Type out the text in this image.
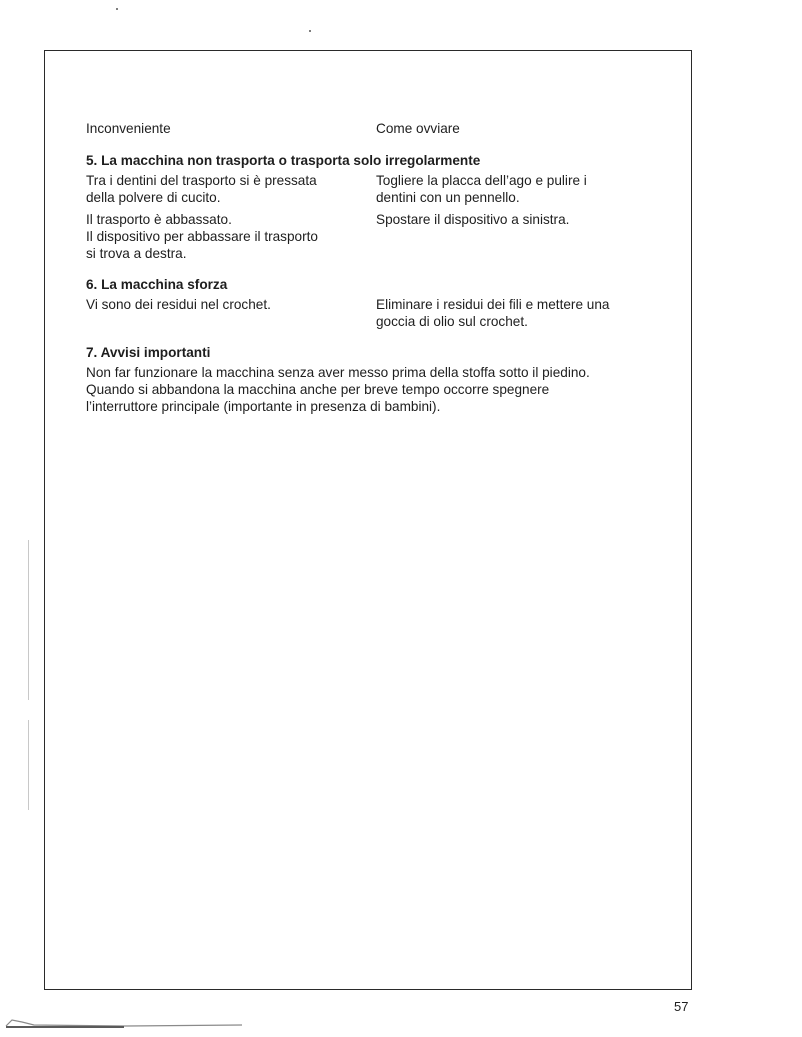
Inconveniente	Come ovviare
5. La macchina non trasporta o trasporta solo irregolarmente
Tra i dentini del trasporto si è pressata
della polvere di cucito.
Togliere la placca dell’ago e pulire i
dentini con un pennello.
Il trasporto è abbassato.
Il dispositivo per abbassare il trasporto
si trova a destra.
Spostare il dispositivo a sinistra.
6. La macchina sforza
Vi sono dei residui nel crochet.	Eliminare i residui dei fili e mettere una
goccia di olio sul crochet.
7. Avvisi importanti
Non far funzionare la macchina senza aver messo prima della stoffa sotto il piedino.
Quando si abbandona la macchina anche per breve tempo occorre spegnere
l’interruttore principale (importante in presenza di bambini).
57
